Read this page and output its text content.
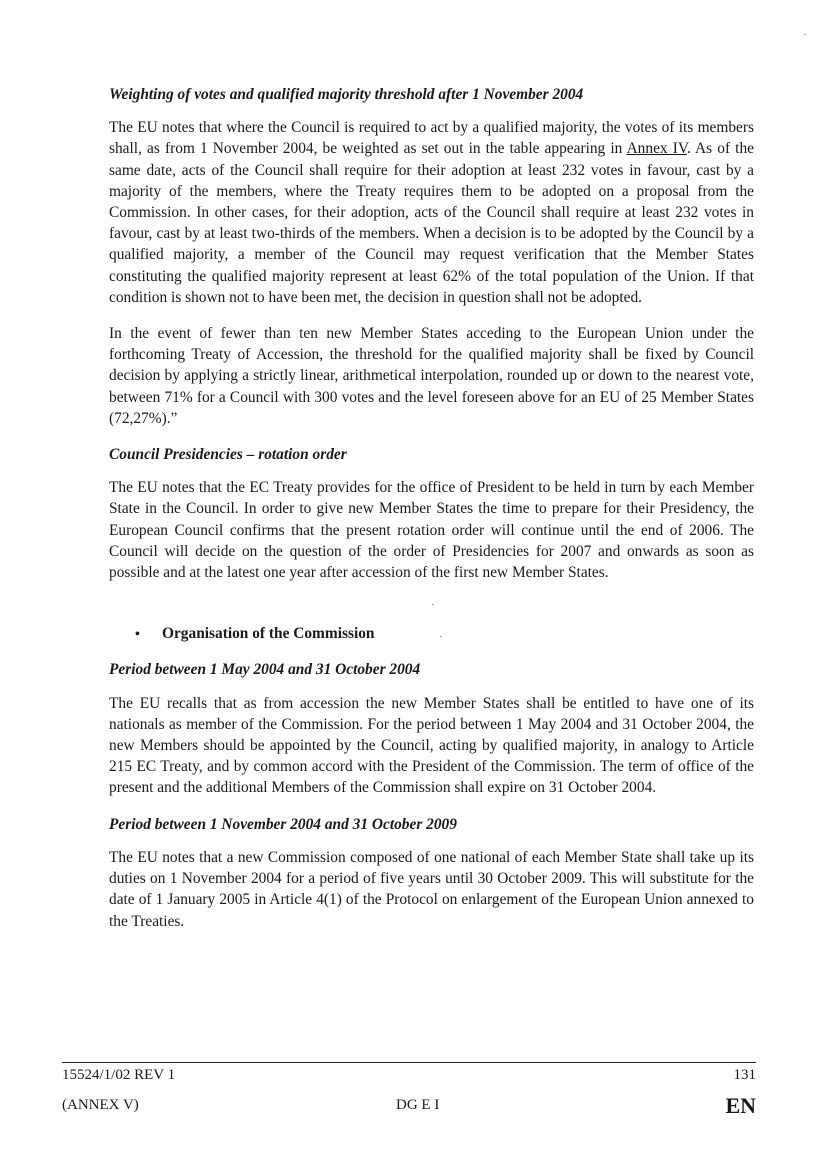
Weighting of votes and qualified majority threshold after 1 November 2004

The EU notes that where the Council is required to act by a qualified majority, the votes of its members shall, as from 1 November 2004, be weighted as set out in the table appearing in Annex IV. As of the same date, acts of the Council shall require for their adoption at least 232 votes in favour, cast by a majority of the members, where the Treaty requires them to be adopted on a proposal from the Commission. In other cases, for their adoption, acts of the Council shall require at least 232 votes in favour, cast by at least two-thirds of the members. When a decision is to be adopted by the Council by a qualified majority, a member of the Council may request verification that the Member States constituting the qualified majority represent at least 62% of the total population of the Union. If that condition is shown not to have been met, the decision in question shall not be adopted.

In the event of fewer than ten new Member States acceding to the European Union under the forthcoming Treaty of Accession, the threshold for the qualified majority shall be fixed by Council decision by applying a strictly linear, arithmetical interpolation, rounded up or down to the nearest vote, between 71% for a Council with 300 votes and the level foreseen above for an EU of 25 Member States (72,27%).”

Council Presidencies – rotation order

The EU notes that the EC Treaty provides for the office of President to be held in turn by each Member State in the Council. In order to give new Member States the time to prepare for their Presidency, the European Council confirms that the present rotation order will continue until the end of 2006. The Council will decide on the question of the order of Presidencies for 2007 and onwards as soon as possible and at the latest one year after accession of the first new Member States.

•	Organisation of the Commission
Period between 1 May 2004 and 31 October 2004

The EU recalls that as from accession the new Member States shall be entitled to have one of its nationals as member of the Commission. For the period between 1 May 2004 and 31 October 2004, the new Members should be appointed by the Council, acting by qualified majority, in analogy to Article 215 EC Treaty, and by common accord with the President of the Commission. The term of office of the present and the additional Members of the Commission shall expire on 31 October 2004.

Period between 1 November 2004 and 31 October 2009

The EU notes that a new Commission composed of one national of each Member State shall take up its duties on 1 November 2004 for a period of five years until 30 October 2009. This will substitute for the date of 1 January 2005 in Article 4(1) of the Protocol on enlargement of the European Union annexed to the Treaties.

15524/1/02 REV 1	131
(ANNEX V)	DG E I	EN
